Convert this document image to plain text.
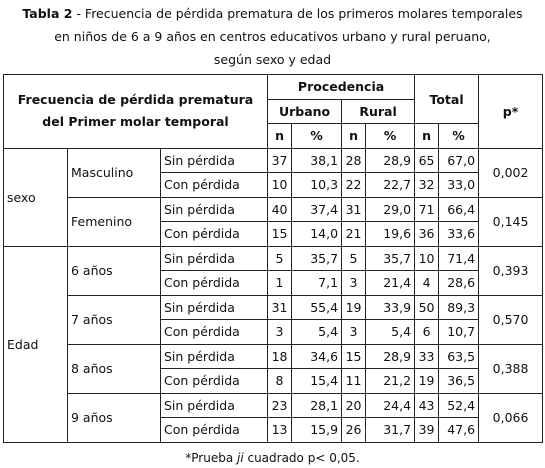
Tabla 2 - Frecuencia de pérdida prematura de los primeros molares temporales
en niños de 6 a 9 años en centros educativos urbano y rural peruano,
según sexo y edad
Frecuencia de pérdida prematura
del Primer molar temporal			Procedencia				Total		p*
			Urbano		Rural				
			n	%	n	%	n	%	
sexo	Masculino	Sin pérdida	37	38,1	28	28,9	65	67,0	0,002
		Con pérdida	10	10,3	22	22,7	32	33,0	
	Femenino	Sin pérdida	40	37,4	31	29,0	71	66,4	0,145
		Con pérdida	15	14,0	21	19,6	36	33,6	
Edad	6 años	Sin pérdida	5	35,7	5	35,7	10	71,4	0,393
		Con pérdida	1	7,1	3	21,4	4	28,6	
	7 años	Sin pérdida	31	55,4	19	33,9	50	89,3	0,570
		Con pérdida	3	5,4	3	5,4	6	10,7	
	8 años	Sin pérdida	18	34,6	15	28,9	33	63,5	0,388
		Con pérdida	8	15,4	11	21,2	19	36,5	
	9 años	Sin pérdida	23	28,1	20	24,4	43	52,4	0,066
		Con pérdida	13	15,9	26	31,7	39	47,6	
*Prueba ji cuadrado p< 0,05.
